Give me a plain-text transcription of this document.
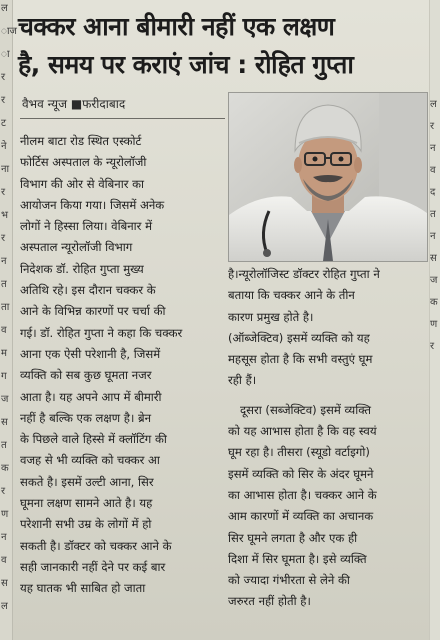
ल
ाज
ा
र
र
ट
ने
ना
र
भ
र
न
त
ता
व
म
ग
ज
स
त
क
र
ण
न
व
स
ल
ल
र
न
व
द
त
न
स
ज
क
ण
र
चक्कर आना बीमारी नहीं एक लक्षण
है, समय पर कराएं जांच : रोहित गुप्ता
वैभव न्यूज ■फरीदाबाद
नीलम बाटा रोड स्थित एस्कोर्ट
फोर्टिस अस्पताल के न्यूरोलॉजी
विभाग की ओर से वेबिनार का
आयोजन किया गया। जिसमें अनेक
लोगों ने हिस्सा लिया। वेबिनार में
अस्पताल न्यूरोलॉजी विभाग
निदेशक डॉ. रोहित गुप्ता मुख्य
अतिथि रहे। इस दौरान चक्कर के
आने के विभिन्न कारणों पर चर्चा की
गई। डॉ. रोहित गुप्ता ने कहा कि चक्कर
आना एक ऐसी परेशानी है, जिसमें
व्यक्ति को सब कुछ घूमता नजर
आता है। यह अपने आप में बीमारी
नहीं है बल्कि एक लक्षण है। ब्रेन
के पिछले वाले हिस्से में क्लॉटिंग की
वजह से भी व्यक्ति को चक्कर आ
सकते है। इसमें उल्टी आना, सिर
घूमना लक्षण सामने आते है। यह
परेशानी सभी उम्र के लोगों में हो
सकती है। डॉक्टर को चक्कर आने के
सही जानकारी नहीं देने पर कई बार
यह घातक भी साबित हो जाता
है।न्यूरोलॉजिस्ट डॉक्टर रोहित गुप्ता ने
बताया कि चक्कर आने के तीन
कारण प्रमुख होते है।
(ऑब्जेक्टिव) इसमें व्यक्ति को यह
महसूस होता है कि सभी वस्तुएं घूम
रही हैं।
दूसरा (सब्जेक्टिव) इसमें व्यक्ति
को यह आभास होता है कि वह स्वयं
घूम रहा है। तीसरा (स्यूडो वर्टाइगो)
इसमें व्यक्ति को सिर के अंदर घूमने
का आभास होता है। चक्कर आने के
आम कारणों में व्यक्ति का अचानक
सिर घूमने लगता है और एक ही
दिशा में सिर घूमता है। इसे व्यक्ति
को ज्यादा गंभीरता से लेने की
जरुरत नहीं होती है।
